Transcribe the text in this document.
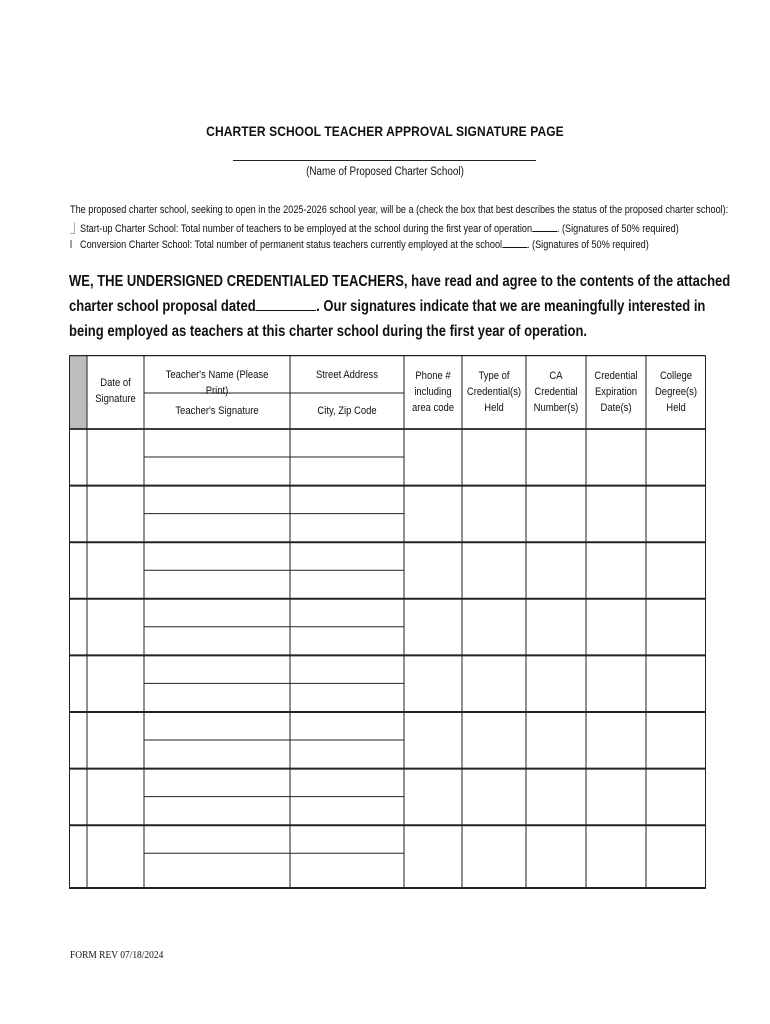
CHARTER SCHOOL TEACHER APPROVAL SIGNATURE PAGE
(Name of Proposed Charter School)
The proposed charter school, seeking to open in the 2025-2026 school year, will be a (check the box that best describes the status of the proposed charter school):
⏌ Start-up Charter School: Total number of teachers to be employed at the school during the first year of operation . (Signatures of 50% required)
l Conversion Charter School: Total number of permanent status teachers currently employed at the school . (Signatures of 50% required)
WE, THE UNDERSIGNED CREDENTIALED TEACHERS, have read and agree to the contents of the attached
charter school proposal dated	. Our signatures indicate that we are meaningfully interested in
being employed as teachers at this charter school during the first year of operation.
Date of
Signature
Teacher's Name (Please Print)
Teacher's Signature
Street Address
City, Zip Code
Phone #
including
area code
Type of
Credential(s)
Held
CA
Credential
Number(s)
Credential
Expiration
Date(s)
College
Degree(s)
Held
FORM REV 07/18/2024
